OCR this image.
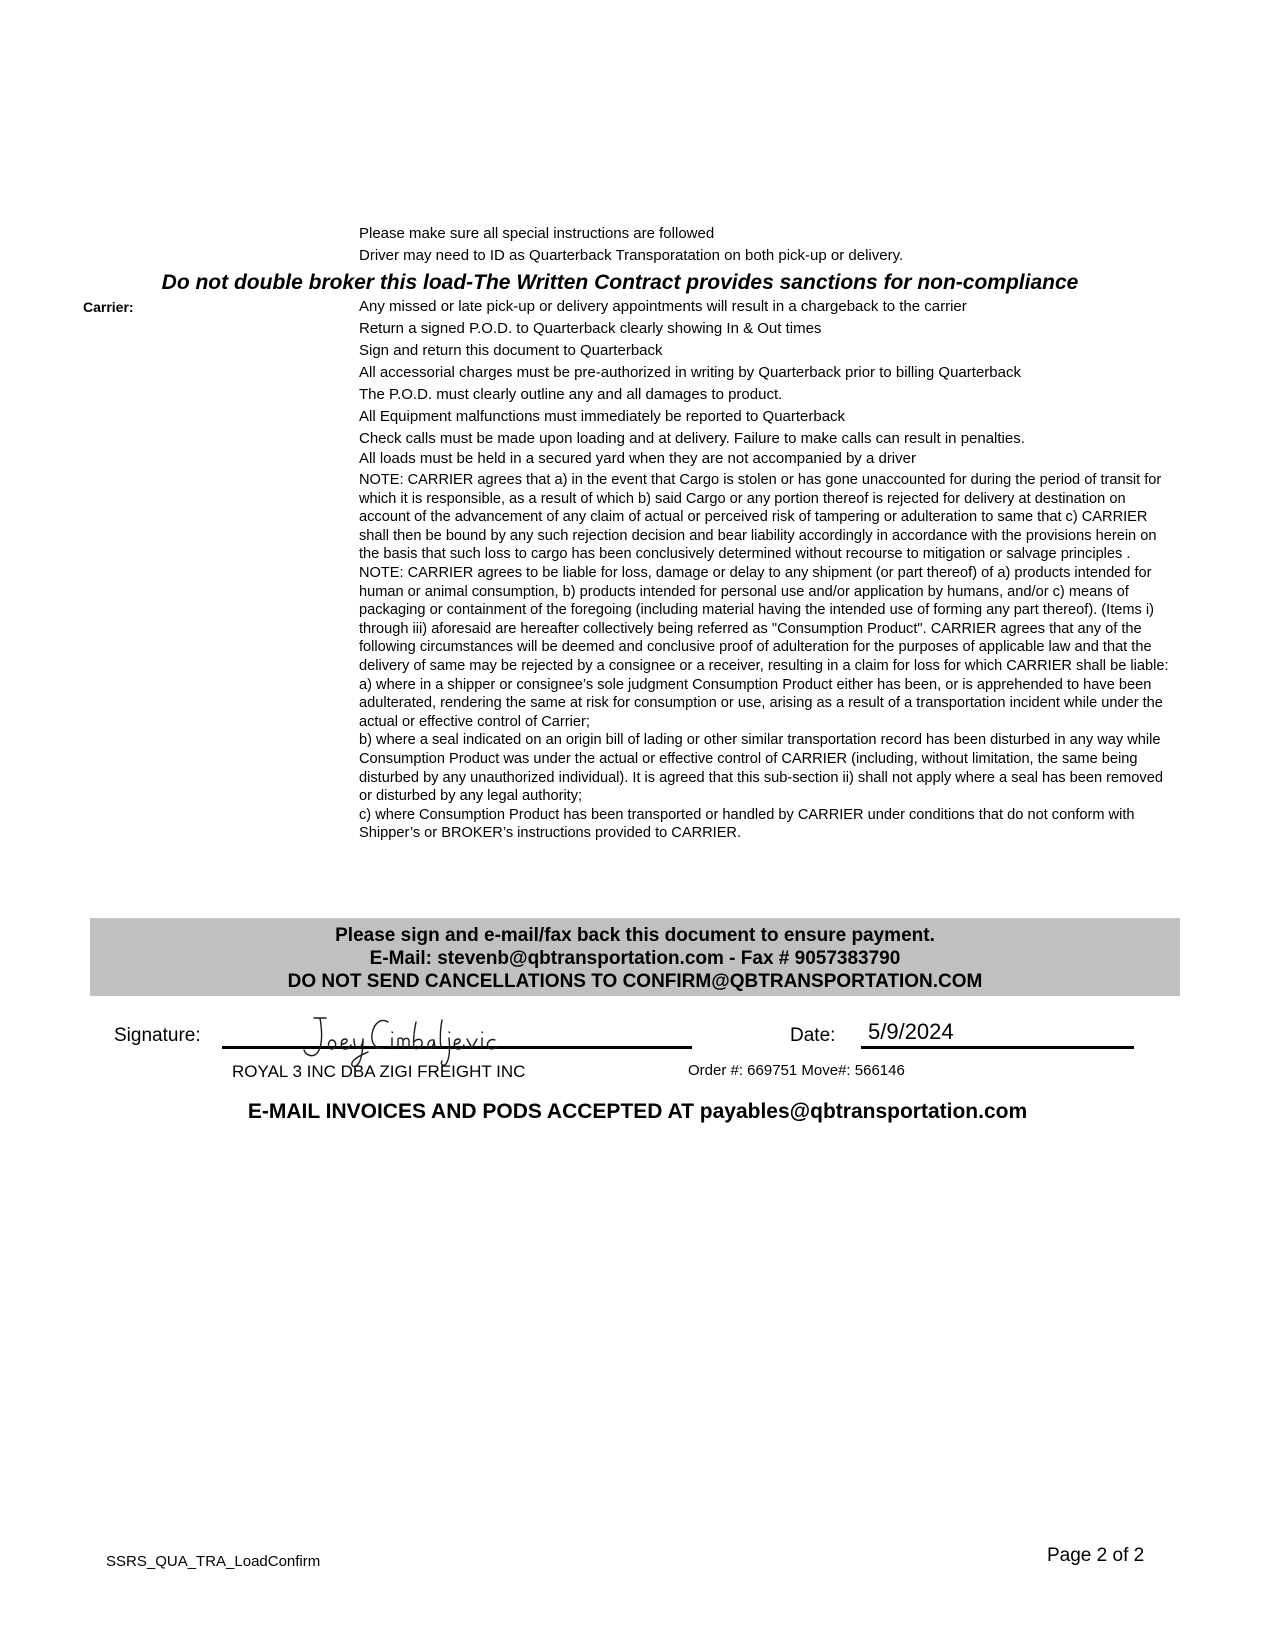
Please make sure all special instructions are followed
Driver may need to ID as Quarterback Transporatation on both pick-up or delivery.
Do not double broker this load-The Written Contract provides sanctions for non-compliance
Carrier:	Any missed or late pick-up or delivery appointments will result in a chargeback to the carrier
Return a signed P.O.D. to Quarterback clearly showing In & Out times
Sign and return this document to Quarterback
All accessorial charges must be pre-authorized in writing by Quarterback prior to billing Quarterback
The P.O.D. must clearly outline any and all damages to product.
All Equipment malfunctions must immediately be reported to Quarterback
Check calls must be made upon loading and at delivery. Failure to make calls can result in penalties.
All loads must be held in a secured yard when they are not accompanied by a driver

NOTE: CARRIER agrees that a) in the event that Cargo is stolen or has gone unaccounted for during the period of transit for which it is responsible, as a result of which b) said Cargo or any portion thereof is rejected for delivery at destination on account of the advancement of any claim of actual or perceived risk of tampering or adulteration to same that c) CARRIER shall then be bound by any such rejection decision and bear liability accordingly in accordance with the provisions herein on the basis that such loss to cargo has been conclusively determined without recourse to mitigation or salvage principles .

NOTE: CARRIER agrees to be liable for loss, damage or delay to any shipment (or part thereof) of a) products intended for human or animal consumption, b) products intended for personal use and/or application by humans, and/or c) means of packaging or containment of the foregoing (including material having the intended use of forming any part thereof). (Items i) through iii) aforesaid are hereafter collectively being referred as "Consumption Product". CARRIER agrees that any of the following circumstances will be deemed and conclusive proof of adulteration for the purposes of applicable law and that the delivery of same may be rejected by a consignee or a receiver, resulting in a claim for loss for which CARRIER shall be liable:

a) where in a shipper or consignee’s sole judgment Consumption Product either has been, or is apprehended to have been adulterated, rendering the same at risk for consumption or use, arising as a result of a transportation incident while under the actual or effective control of Carrier;

b) where a seal indicated on an origin bill of lading or other similar transportation record has been disturbed in any way while Consumption Product was under the actual or effective control of CARRIER (including, without limitation, the same being disturbed by any unauthorized individual). It is agreed that this sub-section ii) shall not apply where a seal has been removed or disturbed by any legal authority;

c) where Consumption Product has been transported or handled by CARRIER under conditions that do not conform with Shipper’s or BROKER’s instructions provided to CARRIER.

Please sign and e-mail/fax back this document to ensure payment.
E-Mail: stevenb@qbtransportation.com - Fax # 9057383790
DO NOT SEND CANCELLATIONS TO CONFIRM@QBTRANSPORTATION.COM
Signature:	Date: 5/9/2024
ROYAL 3 INC DBA ZIGI FREIGHT INC	Order #: 669751 Move#: 566146
E-MAIL INVOICES AND PODS ACCEPTED AT payables@qbtransportation.com
SSRS_QUA_TRA_LoadConfirm	Page 2 of 2
